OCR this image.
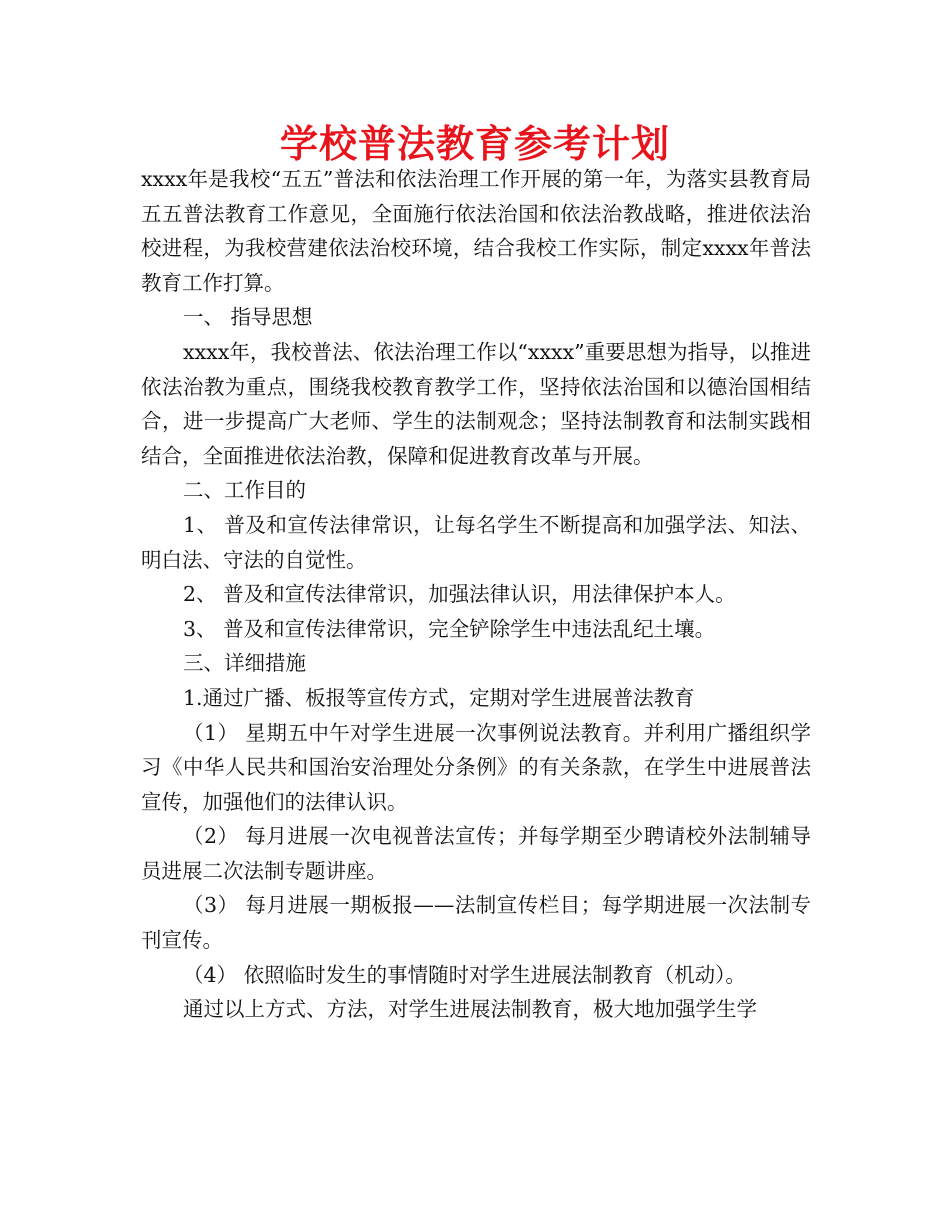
学校普法教育参考计划

xxxx年是我校“五五”普法和依法治理工作开展的第一年，为落实县教育局五五普法教育工作意见，全面施行依法治国和依法治教战略，推进依法治校进程，为我校营建依法治校环境，结合我校工作实际，制定xxxx年普法教育工作打算。

一、 指导思想

xxxx年，我校普法、依法治理工作以“xxxx”重要思想为指导，以推进依法治教为重点，围绕我校教育教学工作，坚持依法治国和以德治国相结合，进一步提高广大老师、学生的法制观念；坚持法制教育和法制实践相结合，全面推进依法治教，保障和促进教育改革与开展。

二、工作目的

1、 普及和宣传法律常识，让每名学生不断提高和加强学法、知法、明白法、守法的自觉性。

2、 普及和宣传法律常识，加强法律认识，用法律保护本人。

3、 普及和宣传法律常识，完全铲除学生中违法乱纪土壤。

三、详细措施

1.通过广播、板报等宣传方式，定期对学生进展普法教育

（1） 星期五中午对学生进展一次事例说法教育。并利用广播组织学习《中华人民共和国治安治理处分条例》的有关条款，在学生中进展普法宣传，加强他们的法律认识。

（2） 每月进展一次电视普法宣传；并每学期至少聘请校外法制辅导员进展二次法制专题讲座。

（3） 每月进展一期板报——法制宣传栏目；每学期进展一次法制专刊宣传。

（4） 依照临时发生的事情随时对学生进展法制教育（机动）。

通过以上方式、方法，对学生进展法制教育，极大地加强学生学
